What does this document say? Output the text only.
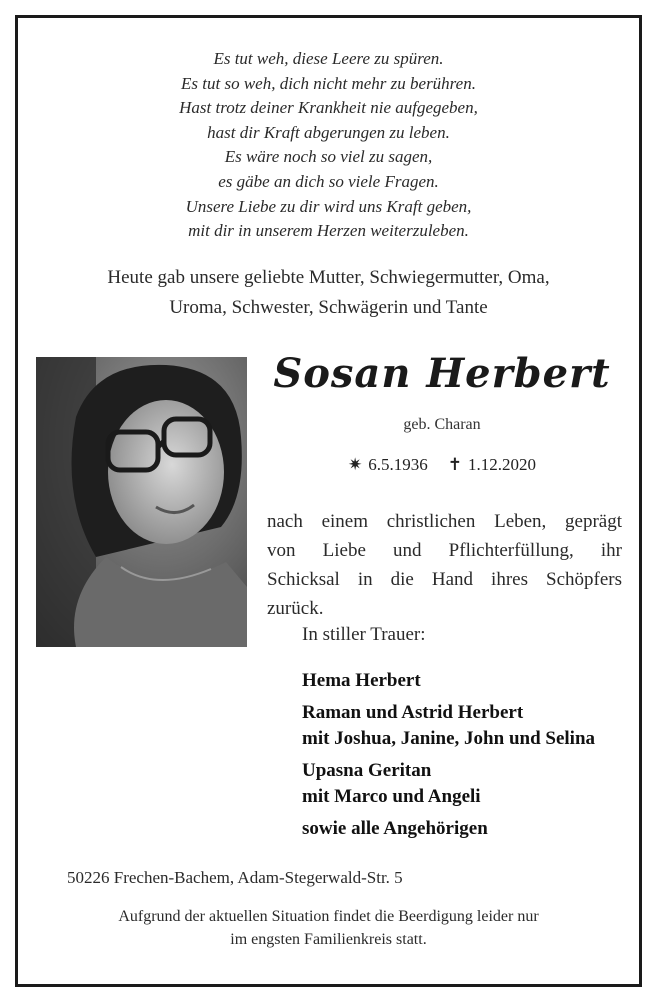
Es tut weh, diese Leere zu spüren.
Es tut so weh, dich nicht mehr zu berühren.
Hast trotz deiner Krankheit nie aufgegeben,
hast dir Kraft abgerungen zu leben.
Es wäre noch so viel zu sagen,
es gäbe an dich so viele Fragen.
Unsere Liebe zu dir wird uns Kraft geben,
mit dir in unserem Herzen weiterzuleben.
Heute gab unsere geliebte Mutter, Schwiegermutter, Oma,
Uroma, Schwester, Schwägerin und Tante
Sosan Herbert
geb. Charan
✷ 6.5.1936 ✝ 1.12.2020
nach einem christlichen Leben, geprägt
von Liebe und Pflichterfüllung, ihr
Schicksal in die Hand ihres Schöpfers
zurück.
In stiller Trauer:
Hema Herbert
Raman und Astrid Herbert
mit Joshua, Janine, John und Selina
Upasna Geritan
mit Marco und Angeli
sowie alle Angehörigen
50226 Frechen-Bachem, Adam-Stegerwald-Str. 5
Aufgrund der aktuellen Situation findet die Beerdigung leider nur
im engsten Familienkreis statt.
